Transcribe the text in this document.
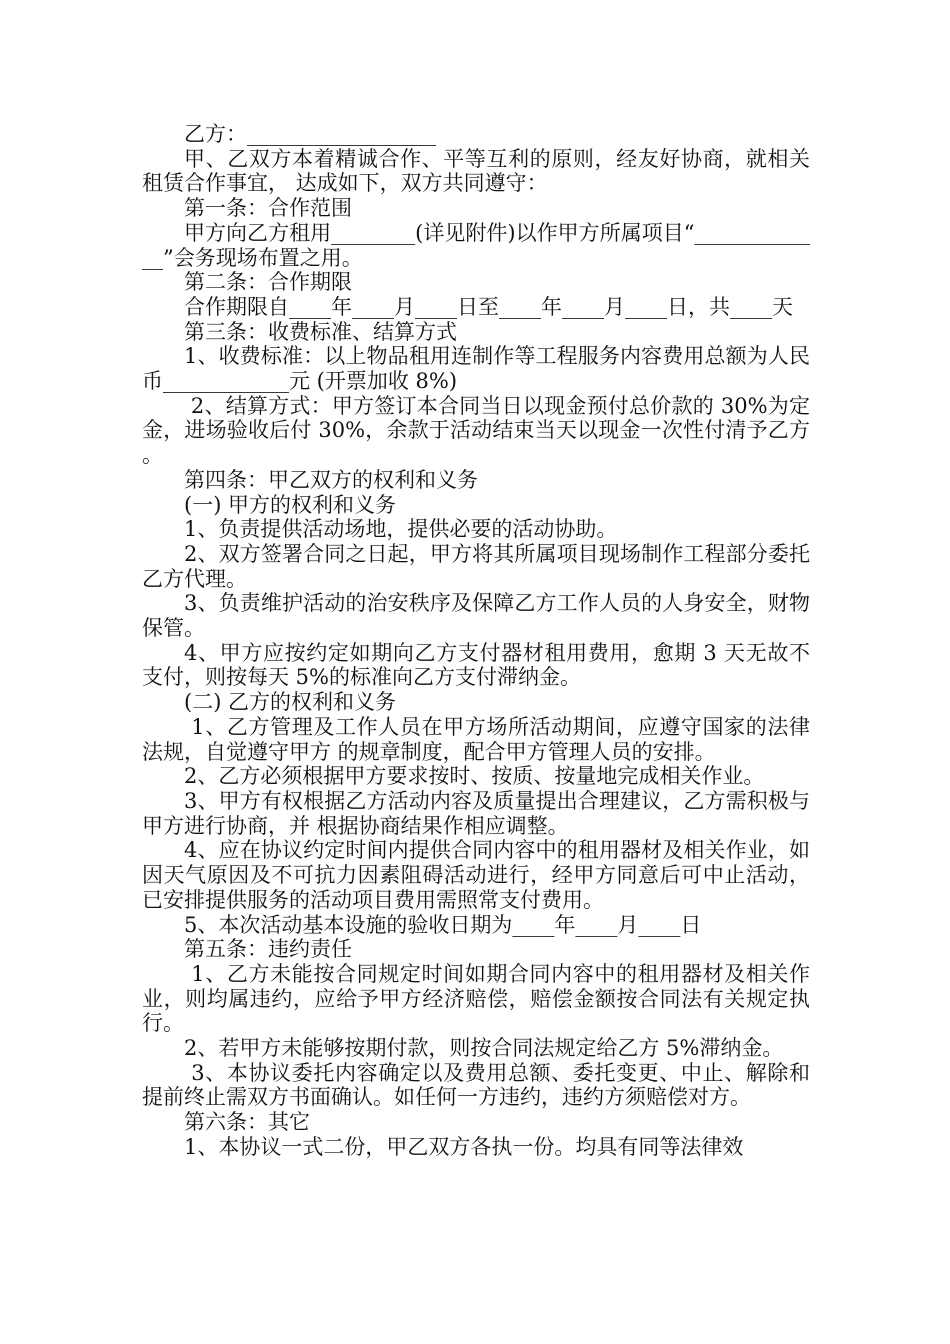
乙方：__________________

甲、乙双方本着精诚合作、平等互利的原则，经友好协商，就相关租赁合作事宜， 达成如下，双方共同遵守：

第一条：合作范围

甲方向乙方租用________(详见附件)以作甲方所属项目“_____________”会务现场布置之用。

第二条：合作期限

合作期限自____年____月____日至____年____月____日，共____天

第三条：收费标准、结算方式

1、收费标准：以上物品租用连制作等工程服务内容费用总额为人民币____________元 (开票加收 8%)

2、结算方式：甲方签订本合同当日以现金预付总价款的 30%为定金，进场验收后付 30%，余款于活动结束当天以现金一次性付清予乙方 。

第四条：甲乙双方的权利和义务

(一) 甲方的权利和义务

1、负责提供活动场地，提供必要的活动协助。

2、双方签署合同之日起，甲方将其所属项目现场制作工程部分委托乙方代理。

3、负责维护活动的治安秩序及保障乙方工作人员的人身安全，财物保管。

4、甲方应按约定如期向乙方支付器材租用费用，愈期 3 天无故不支付，则按每天 5%的标准向乙方支付滞纳金。

(二) 乙方的权利和义务

1、乙方管理及工作人员在甲方场所活动期间，应遵守国家的法律法规，自觉遵守甲方 的规章制度，配合甲方管理人员的安排。

2、乙方必须根据甲方要求按时、按质、按量地完成相关作业。

3、甲方有权根据乙方活动内容及质量提出合理建议，乙方需积极与甲方进行协商，并 根据协商结果作相应调整。

4、应在协议约定时间内提供合同内容中的租用器材及相关作业，如因天气原因及不可抗力因素阻碍活动进行，经甲方同意后可中止活动，已安排提供服务的活动项目费用需照常支付费用。

5、本次活动基本设施的验收日期为____年____月____日

第五条：违约责任

1、乙方未能按合同规定时间如期合同内容中的租用器材及相关作业，则均属违约，应给予甲方经济赔偿，赔偿金额按合同法有关规定执行。

2、若甲方未能够按期付款，则按合同法规定给乙方 5%滞纳金。

3、本协议委托内容确定以及费用总额、委托变更、中止、解除和提前终止需双方书面确认。如任何一方违约，违约方须赔偿对方。

第六条：其它

1、本协议一式二份，甲乙双方各执一份。均具有同等法律效
